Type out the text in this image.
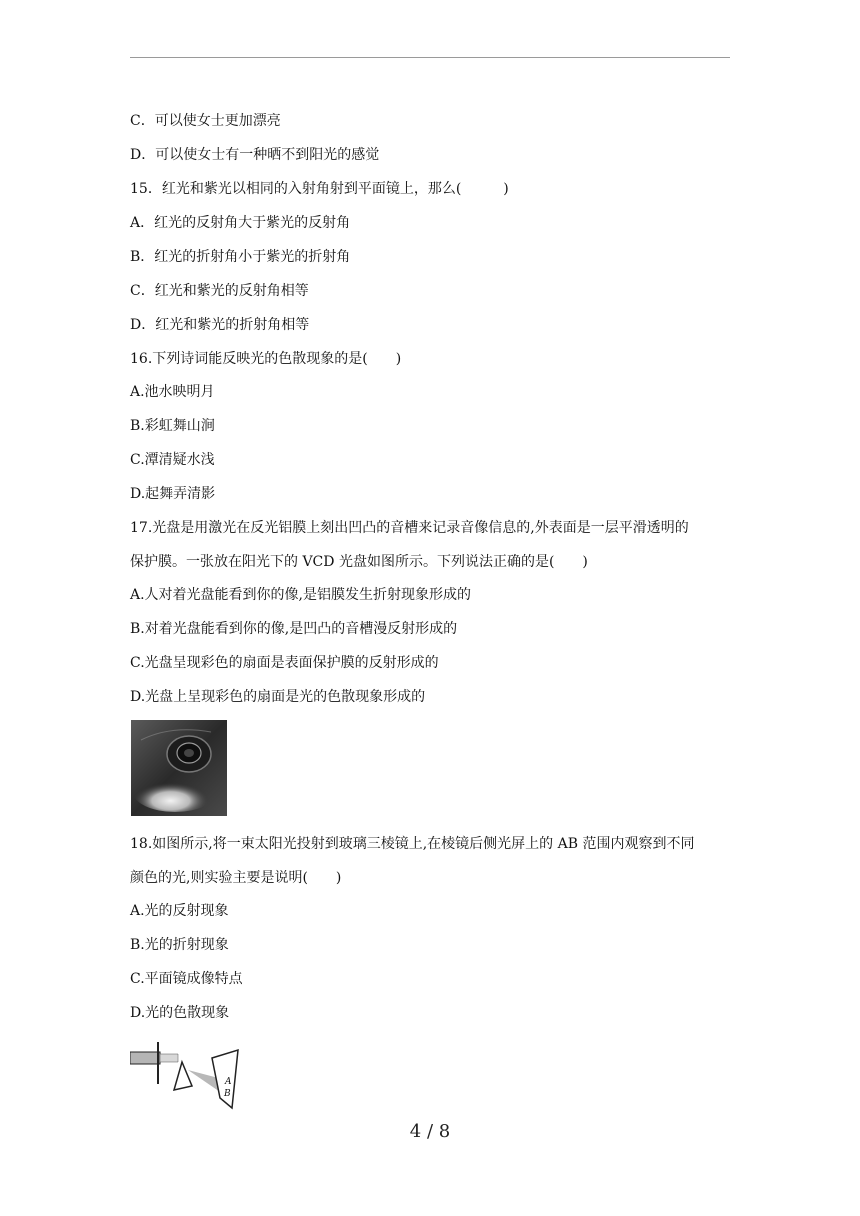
C．可以使女士更加漂亮
D．可以使女士有一种晒不到阳光的感觉
15．红光和紫光以相同的入射角射到平面镜上，那么(　　　)
A．红光的反射角大于紫光的反射角
B．红光的折射角小于紫光的折射角
C．红光和紫光的反射角相等
D．红光和紫光的折射角相等
16.下列诗词能反映光的色散现象的是(　　)
A.池水映明月
B.彩虹舞山涧
C.潭清疑水浅
D.起舞弄清影
17.光盘是用激光在反光铝膜上刻出凹凸的音槽来记录音像信息的,外表面是一层平滑透明的
保护膜。一张放在阳光下的 VCD 光盘如图所示。下列说法正确的是(　　)
A.人对着光盘能看到你的像,是铝膜发生折射现象形成的
B.对着光盘能看到你的像,是凹凸的音槽漫反射形成的
C.光盘呈现彩色的扇面是表面保护膜的反射形成的
D.光盘上呈现彩色的扇面是光的色散现象形成的
18.如图所示,将一束太阳光投射到玻璃三棱镜上,在棱镜后侧光屏上的 AB 范围内观察到不同
颜色的光,则实验主要是说明(　　)
A.光的反射现象
B.光的折射现象
C.平面镜成像特点
D.光的色散现象
A
B
4 / 8
